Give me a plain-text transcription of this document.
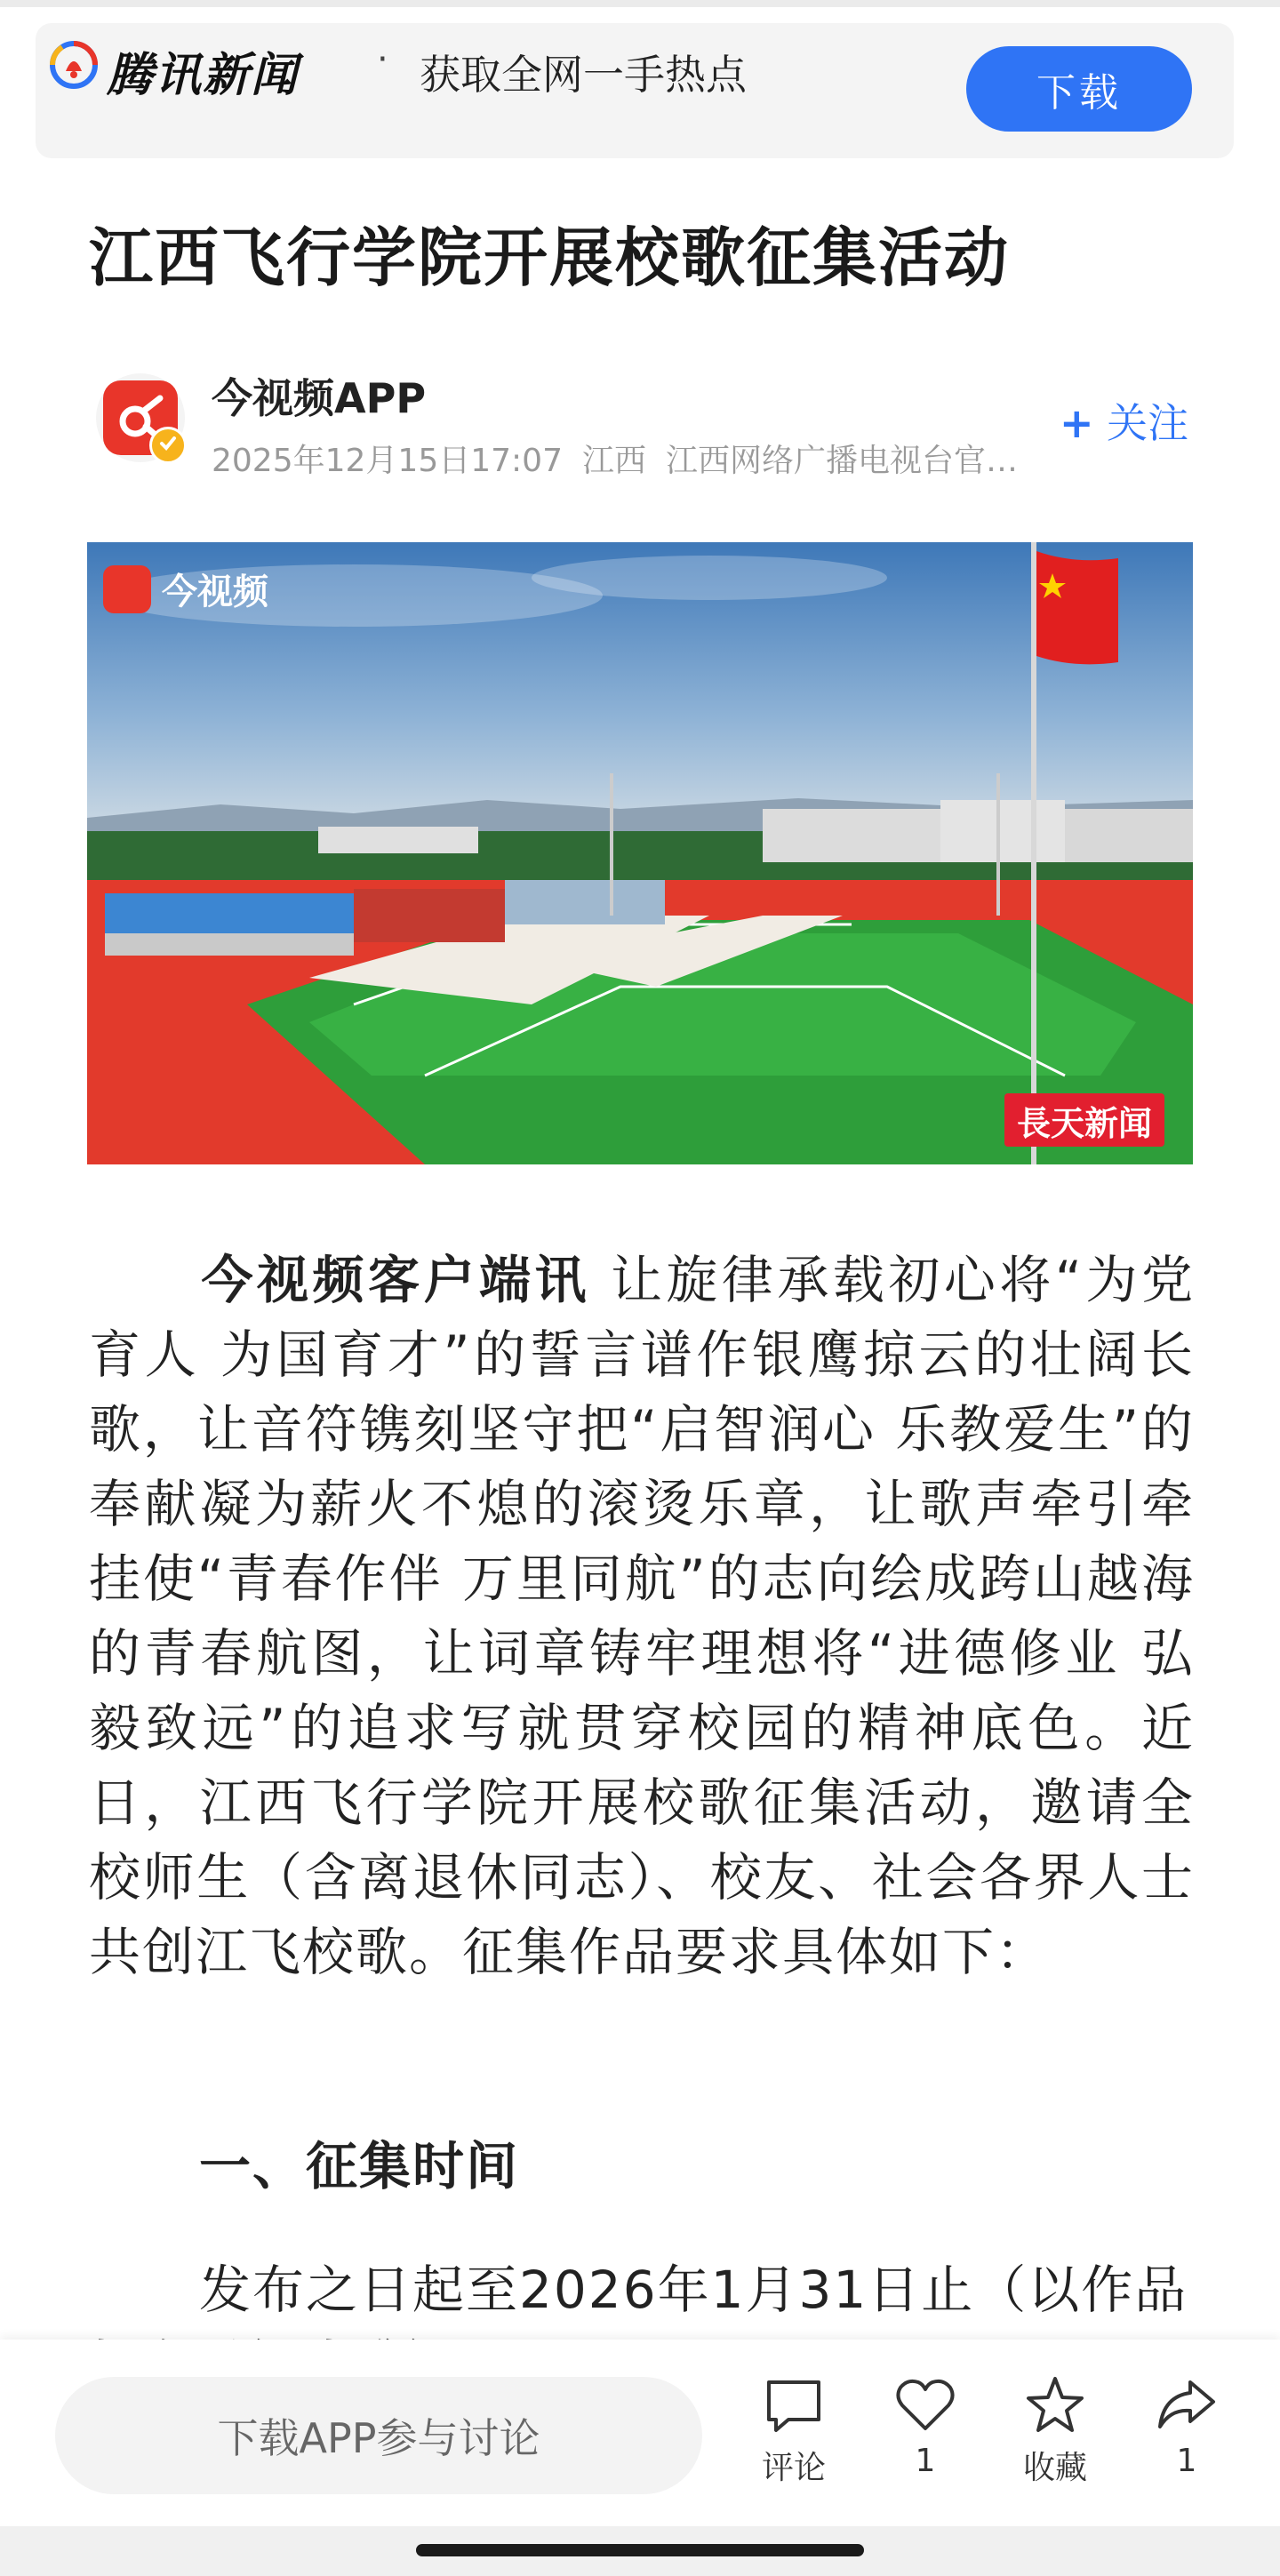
腾讯新闻 · 获取全网一手热点	下载
江西飞行学院开展校歌征集活动
今视频APP
2025年12月15日17:07 江西 江西网络广播电视台官…
+ 关注
今视频
長天新闻
今视频客户端讯 让旋律承载初心将“为党育人 为国育才”的誓言谱作银鹰掠云的壮阔长歌，让音符镌刻坚守把“启智润心 乐教爱生”的奉献凝为薪火不熄的滚烫乐章，让歌声牵引牵挂使“青春作伴 万里同航”的志向绘成跨山越海的青春航图，让词章铸牢理想将“进德修业 弘毅致远”的追求写就贯穿校园的精神底色。近日，江西飞行学院开展校歌征集活动，邀请全校师生（含离退休同志）、校友、社会各界人士共创江飞校歌。征集作品要求具体如下：
一、征集时间
发布之日起至2026年1月31日止（以作品

下载APP参与讨论
评论	1	收藏	1
